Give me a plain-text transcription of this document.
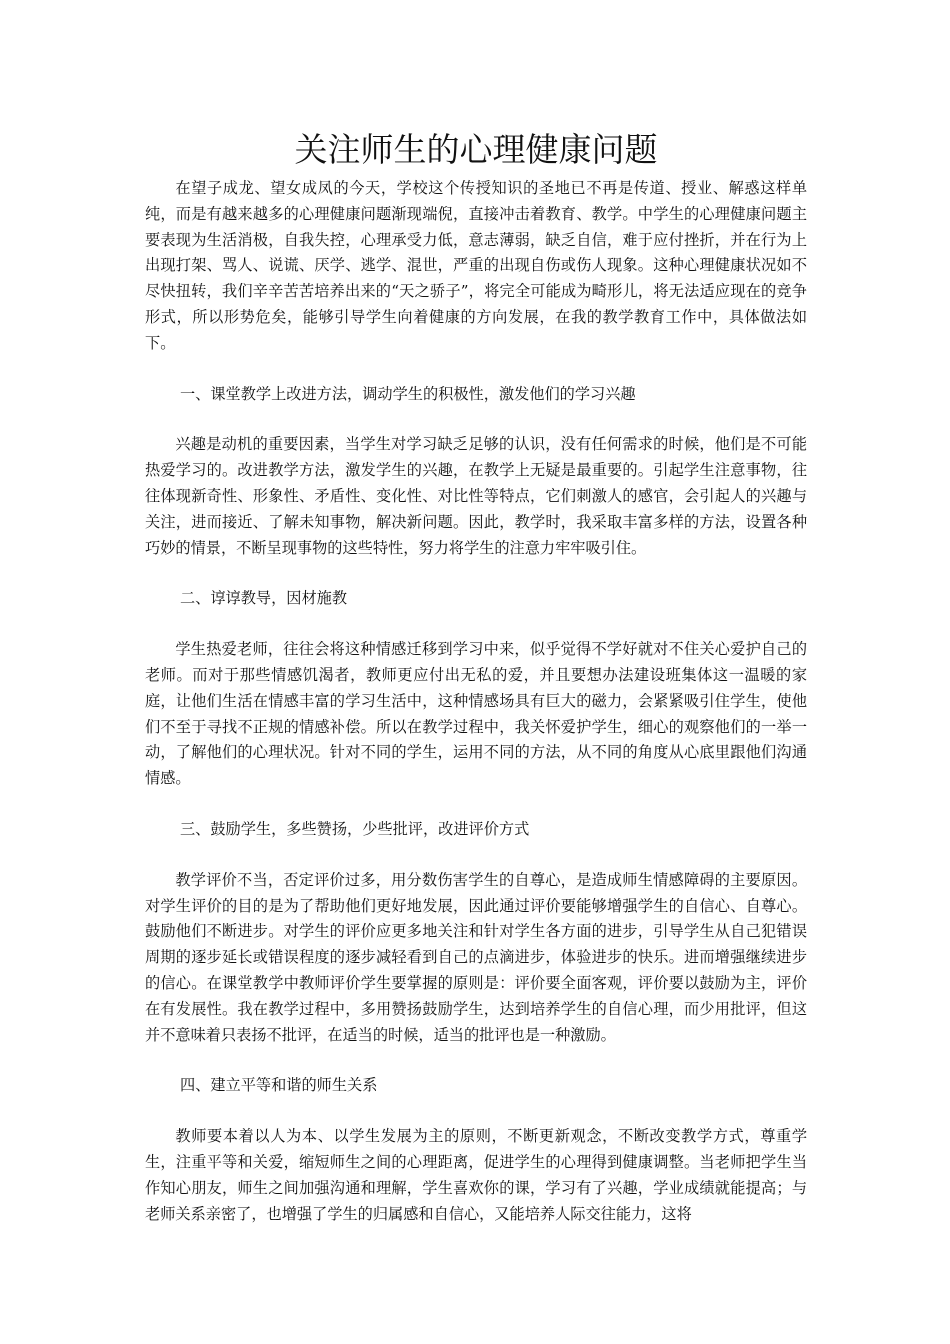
关注师生的心理健康问题

在望子成龙、望女成凤的今天，学校这个传授知识的圣地已不再是传道、授业、解惑这样单纯，而是有越来越多的心理健康问题渐现端倪，直接冲击着教育、教学。中学生的心理健康问题主要表现为生活消极，自我失控，心理承受力低，意志薄弱，缺乏自信，难于应付挫折，并在行为上出现打架、骂人、说谎、厌学、逃学、混世，严重的出现自伤或伤人现象。这种心理健康状况如不尽快扭转，我们辛辛苦苦培养出来的“天之骄子”，将完全可能成为畸形儿，将无法适应现在的竞争形式，所以形势危矣，能够引导学生向着健康的方向发展，在我的教学教育工作中，具体做法如下。

一、课堂教学上改进方法，调动学生的积极性，激发他们的学习兴趣

兴趣是动机的重要因素，当学生对学习缺乏足够的认识，没有任何需求的时候，他们是不可能热爱学习的。改进教学方法，激发学生的兴趣，在教学上无疑是最重要的。引起学生注意事物，往往体现新奇性、形象性、矛盾性、变化性、对比性等特点，它们刺激人的感官，会引起人的兴趣与关注，进而接近、了解未知事物，解决新问题。因此，教学时，我采取丰富多样的方法，设置各种巧妙的情景，不断呈现事物的这些特性，努力将学生的注意力牢牢吸引住。

二、谆谆教导，因材施教

学生热爱老师，往往会将这种情感迁移到学习中来，似乎觉得不学好就对不住关心爱护自己的老师。而对于那些情感饥渴者，教师更应付出无私的爱，并且要想办法建设班集体这一温暖的家庭，让他们生活在情感丰富的学习生活中，这种情感场具有巨大的磁力，会紧紧吸引住学生，使他们不至于寻找不正规的情感补偿。所以在教学过程中，我关怀爱护学生，细心的观察他们的一举一动，了解他们的心理状况。针对不同的学生，运用不同的方法，从不同的角度从心底里跟他们沟通情感。

三、鼓励学生，多些赞扬，少些批评，改进评价方式

教学评价不当，否定评价过多，用分数伤害学生的自尊心，是造成师生情感障碍的主要原因。对学生评价的目的是为了帮助他们更好地发展，因此通过评价要能够增强学生的自信心、自尊心。鼓励他们不断进步。对学生的评价应更多地关注和针对学生各方面的进步，引导学生从自己犯错误周期的逐步延长或错误程度的逐步减轻看到自己的点滴进步，体验进步的快乐。进而增强继续进步的信心。在课堂教学中教师评价学生要掌握的原则是：评价要全面客观，评价要以鼓励为主，评价在有发展性。我在教学过程中，多用赞扬鼓励学生，达到培养学生的自信心理，而少用批评，但这并不意味着只表扬不批评，在适当的时候，适当的批评也是一种激励。

四、建立平等和谐的师生关系

教师要本着以人为本、以学生发展为主的原则，不断更新观念，不断改变教学方式，尊重学生，注重平等和关爱，缩短师生之间的心理距离，促进学生的心理得到健康调整。当老师把学生当作知心朋友，师生之间加强沟通和理解，学生喜欢你的课，学习有了兴趣，学业成绩就能提高；与老师关系亲密了，也增强了学生的归属感和自信心，又能培养人际交往能力，这将
